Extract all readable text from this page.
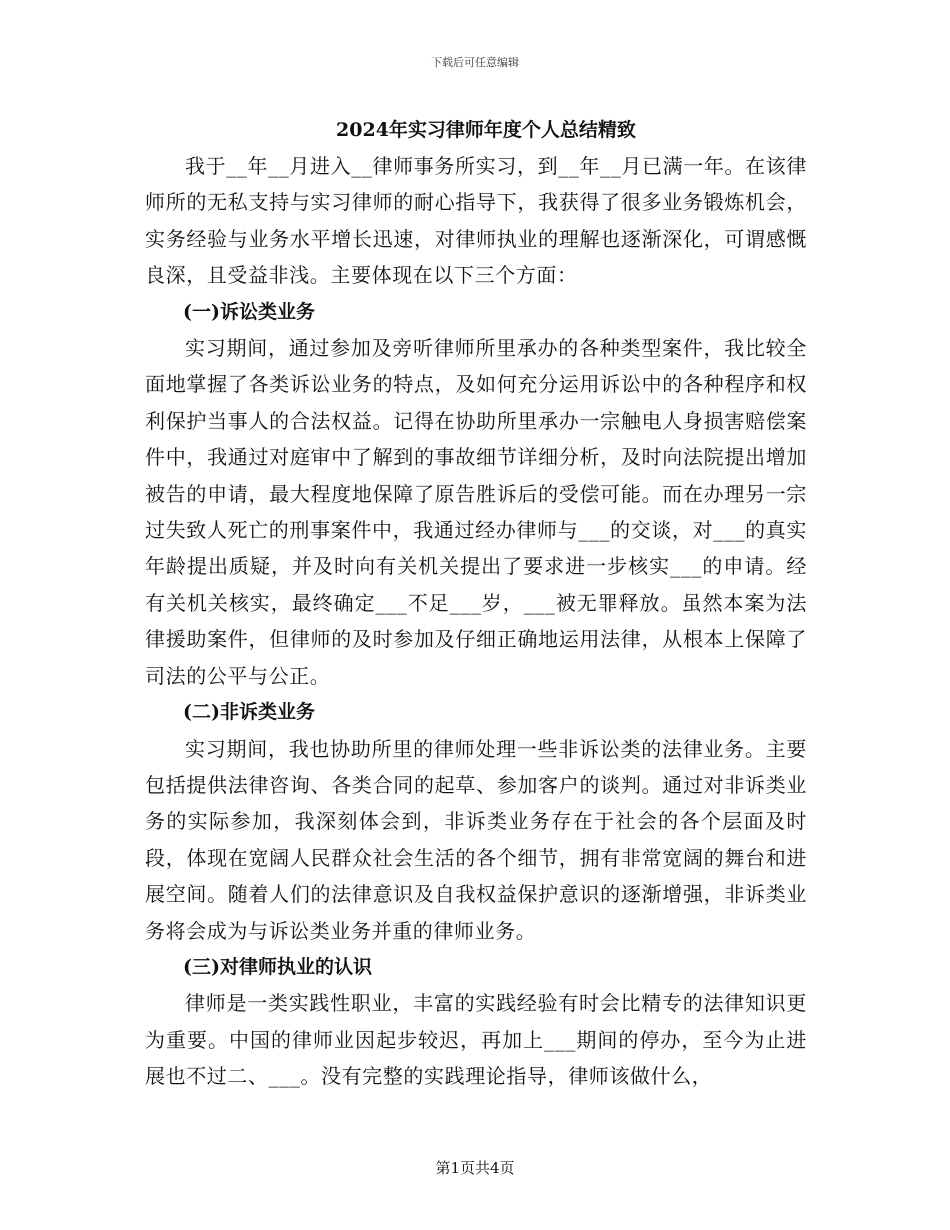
下载后可任意编辑
2024年实习律师年度个人总结精致

我于__年__月进入__律师事务所实习，到__年__月已满一年。在该律师所的无私支持与实习律师的耐心指导下，我获得了很多业务锻炼机会，实务经验与业务水平增长迅速，对律师执业的理解也逐渐深化，可谓感慨良深，且受益非浅。主要体现在以下三个方面：

(一)诉讼类业务

实习期间，通过参加及旁听律师所里承办的各种类型案件，我比较全面地掌握了各类诉讼业务的特点，及如何充分运用诉讼中的各种程序和权利保护当事人的合法权益。记得在协助所里承办一宗触电人身损害赔偿案件中，我通过对庭审中了解到的事故细节详细分析，及时向法院提出增加被告的申请，最大程度地保障了原告胜诉后的受偿可能。而在办理另一宗过失致人死亡的刑事案件中，我通过经办律师与___的交谈，对___的真实年龄提出质疑，并及时向有关机关提出了要求进一步核实___的申请。经有关机关核实，最终确定___不足___岁，___被无罪释放。虽然本案为法律援助案件，但律师的及时参加及仔细正确地运用法律，从根本上保障了司法的公平与公正。

(二)非诉类业务

实习期间，我也协助所里的律师处理一些非诉讼类的法律业务。主要包括提供法律咨询、各类合同的起草、参加客户的谈判。通过对非诉类业务的实际参加，我深刻体会到，非诉类业务存在于社会的各个层面及时段，体现在宽阔人民群众社会生活的各个细节，拥有非常宽阔的舞台和进展空间。随着人们的法律意识及自我权益保护意识的逐渐增强，非诉类业务将会成为与诉讼类业务并重的律师业务。

(三)对律师执业的认识

律师是一类实践性职业，丰富的实践经验有时会比精专的法律知识更为重要。中国的律师业因起步较迟，再加上___期间的停办，至今为止进展也不过二、___。没有完整的实践理论指导，律师该做什么，

第1页共4页
